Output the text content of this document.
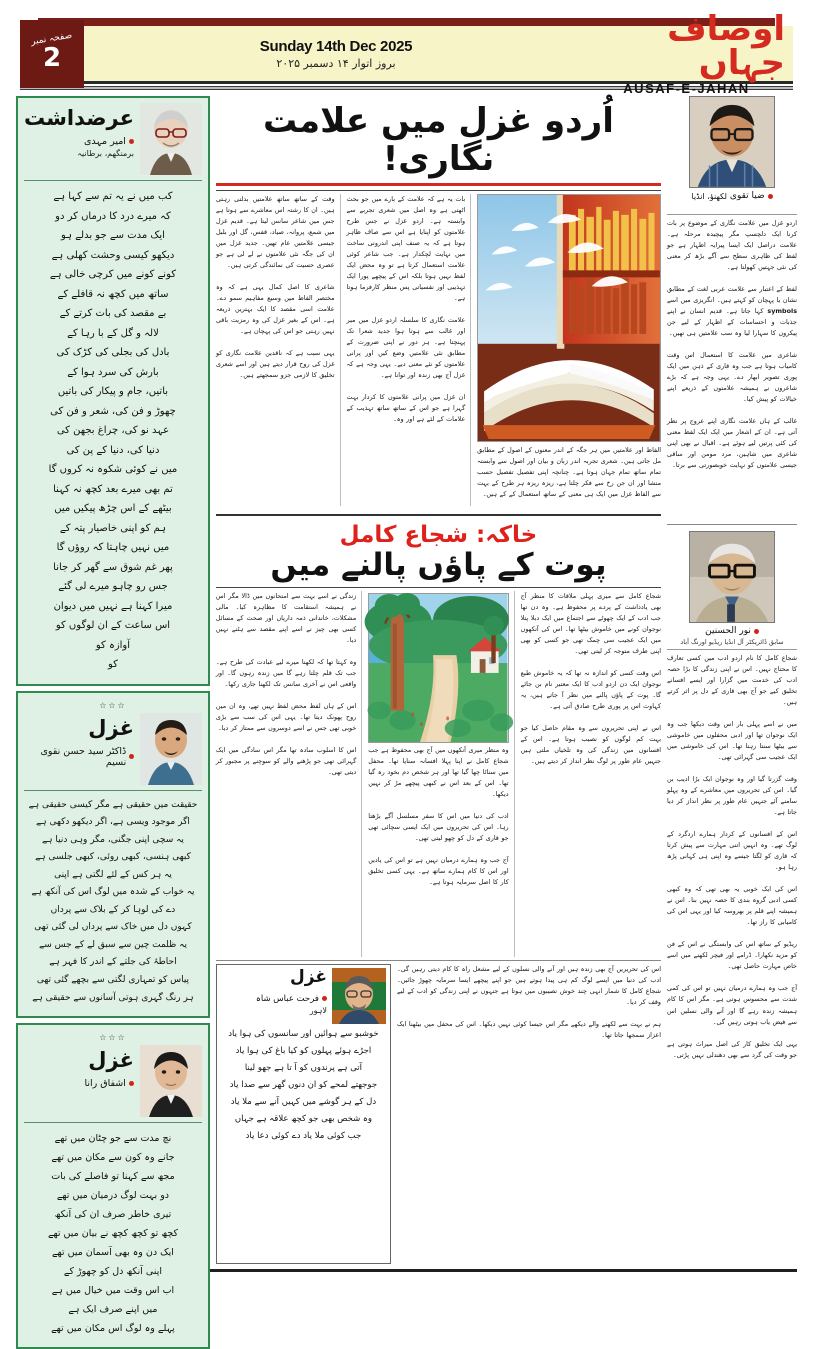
صفحہ نمبر
2	Sunday 14th Dec 2025
بروز اتوار ۱۴ دسمبر ۲۰۲۵
اوصاف جہاں
AUSAF-E-JAHAN
عرضداشت
امیر مہدی
برمنگھم، برطانیہ
کب میں نے یہ تم سے کہا ہے
کہ میرے درد کا درماں کر دو
ایک مدت سے جو بدلے ہو
دیکھو کیسی وحشت کھلی ہے
کونے کونے میں کرچی خالی ہے
ساتھ میں کچھ نہ قافلے کے
بے مقصد کی بات کرتے کے
لالہ و گل کے با رہا کے
بادل کی بجلی کی کڑک کی
بارش کی سرد ہوا کے
باتیں، جام و پیکار کی باتیں
چھوڑ و فن کی، شعر و فن کی
عہد نو کی، چراغ بجھن کی
دنیا کی، دنیا کے پن کی
میں نے کوئی شکوہ نہ کروں گا
تم بھی میرے بعد کچھ نہ کہنا
بیٹھے کے اس چڑھ پیکیں میں
ہم کو اپنی خاصیار پتہ کے
میں نہیں چاہتا کہ روؤں گا
پھر غم شوق سے گھر کر جانا
جس رو چاہو میرے لی گئے
میرا کہنا ہے نہیں میں دیوان
اس ساعت کے ان لوگوں کو
آوازہ کو
کو
☆☆☆
غزل
ڈاکٹر سید حسن نقوی نسیم
حقیقت میں حقیقی ہے مگر کیسی حقیقی ہے
اگر موجود ویسی ہے، اگر دیکھو دکھی ہے
یہ سچی اپنی جگنی، مگر وہی دنیا ہے
کبھی ہنسی، کبھی روئی، کبھی جلسی ہے
یہ ہر کس کے لئے لگتی ہے اپنی
یہ خواب کے شدہ میں لوگ اس کی آنکھ ہے
دے کی لوہا کر کے بلاک سے پرداں
کہوں دل میں خاک سے پرداں لی گئی تھی
یہ ظلمت چین سے سبق لے کے جس سے
احاطۂ کی جلتے کے اندر کا فہر ہے
پیاس کو تمہاری لگتی سے بچھے گئی تھی
ہر رنگ گہری ہوتی آسانوں سے حقیقی ہے
☆☆☆
غزل
اشفاق رانا
نچ مدت سے جو چٹان میں تھے
جانے وہ کون سے مکان میں تھے
مجھ سے کہنا تو فاصلے کی بات
دو بہت لوگ درمیان میں تھے
تیری خاطر صرف ان کی آنکھ
کچھ تو کچھ کچھ نے بیان میں تھے
ایک دن وہ بھی آسمان میں تھے
اپنی آنکھ دل کو چھوڑ کے
اب اس وقت میں خیال میں ہے
میں اپنے صرف ایک ہے
پہلے وہ لوگ اس مکان میں تھے
اُردو غزل میں علامت نگاری!
الفاظ اور علامتیں میں ہر جگہ کے اندر معنوں کے اصول کے مطابق مل جاتی ہیں۔ شعری تجربہ اندر زبان و بیان اور اصول سے وابستہ تمام ساتھ تمام جہان ہوتا ہے۔ چنانچہ اپنی تفصیل تفصیل حسب منشا اور ان جن رخ سے فکر چلتا ہے، ریزہ ریزہ ہر طرح کے بہت سے الفاظ غزل میں ایک ہی معنی کے ساتھ استعمال کے کے ہیں۔
بات یہ ہے کہ علامت کے بارے میں جو بحث اٹھتی ہے وہ اصل میں شعری تجربے سے وابستہ ہے۔ اردو غزل نے جس طرح علامتوں کو اپنایا ہے اس سے صاف ظاہر ہوتا ہے کہ یہ صنف اپنی اندرونی ساخت میں نہایت لچکدار ہے۔ جب شاعر کوئی علامت استعمال کرتا ہے تو وہ محض ایک لفظ نہیں ہوتا بلکہ اس کے پیچھے پورا ایک تہذیبی اور نفسیاتی پس منظر کارفرما ہوتا ہے۔

علامت نگاری کا سلسلہ اردو غزل میں میر اور غالب سے ہوتا ہوا جدید شعرا تک پہنچتا ہے۔ ہر دور نے اپنی ضرورت کے مطابق نئی علامتیں وضع کیں اور پرانی علامتوں کو نئے معنی دیے۔ یہی وجہ ہے کہ غزل آج بھی زندہ اور توانا ہے۔

ان غزل میں پرانی علامتوں کا کردار بہت گہرا ہے جو اس کے ساتھ ساتھ تہذیب کے علامات کے لئے ہے اور وہ۔
وقت کے ساتھ ساتھ علامتیں بدلتی رہتی ہیں۔ ان کا رشتہ اس معاشرے سے ہوتا ہے جس میں شاعر سانس لیتا ہے۔ قدیم غزل میں شمع، پروانہ، صیاد، قفس، گل اور بلبل جیسی علامتیں عام تھیں۔ جدید غزل میں ان کی جگہ نئی علامتوں نے لے لی ہے جو عصری حسیت کی نمائندگی کرتی ہیں۔

شاعری کا اصل کمال یہی ہے کہ وہ مختصر الفاظ میں وسیع مفاہیم سمو دے۔ علامت اسی مقصد کا ایک بہترین ذریعہ ہے۔ اس کے بغیر غزل کی وہ رمزیت باقی نہیں رہتی جو اس کی پہچان ہے۔

یہی سبب ہے کہ ناقدین علامت نگاری کو غزل کی روح قرار دیتے ہیں اور اسے شعری تخلیق کا لازمی جزو سمجھتے ہیں۔
خاکہ: شجاع کامل
پوت کے پاؤں پالنے میں
شجاع کامل سے میری پہلی ملاقات کا منظر آج بھی یادداشت کے پردے پر محفوظ ہے۔ وہ دن تھا جب ادب کے ایک چھوٹے سے اجتماع میں ایک دبلا پتلا نوجوان کونے میں خاموش بیٹھا تھا۔ اس کی آنکھوں میں ایک عجیب سی چمک تھی جو کسی کو بھی اپنی طرف متوجہ کر لیتی تھی۔

اس وقت کسی کو اندازہ نہ تھا کہ یہ خاموش طبع نوجوان ایک دن اردو ادب کا ایک معتبر نام بن جائے گا۔ پوت کے پاؤں پالنے میں نظر آ جاتے ہیں، یہ کہاوت اس پر پوری طرح صادق آتی ہے۔

اس نے اپنی تحریروں سے وہ مقام حاصل کیا جو بہت کم لوگوں کو نصیب ہوتا ہے۔ اس کے افسانوں میں زندگی کی وہ تلخیاں ملتی ہیں جنہیں عام طور پر لوگ نظر انداز کر دیتے ہیں۔
وہ منظر میری آنکھوں میں آج بھی محفوظ ہے جب شجاع کامل نے اپنا پہلا افسانہ سنایا تھا۔ محفل میں سناٹا چھا گیا تھا اور ہر شخص دم بخود رہ گیا تھا۔ اس کے بعد اس نے کبھی پیچھے مڑ کر نہیں دیکھا۔

ادب کی دنیا میں اس کا سفر مسلسل آگے بڑھتا رہا۔ اس کی تحریروں میں ایک ایسی سچائی تھی جو قاری کے دل کو چھو لیتی تھی۔

آج جب وہ ہمارے درمیان نہیں ہے تو اس کی یادیں اور اس کا کام ہمارے ساتھ ہے۔ یہی کسی تخلیق کار کا اصل سرمایہ ہوتا ہے۔
زندگی نے اسے بہت سے امتحانوں میں ڈالا مگر اس نے ہمیشہ استقامت کا مظاہرہ کیا۔ مالی مشکلات، خاندانی ذمہ داریاں اور صحت کے مسائل کسی بھی چیز نے اسے اپنے مقصد سے ہٹنے نہیں دیا۔

وہ کہتا تھا کہ لکھنا میرے لیے عبادت کی طرح ہے۔ جب تک قلم چلتا رہے گا میں زندہ رہوں گا۔ اور واقعی اس نے آخری سانس تک لکھنا جاری رکھا۔

اس کے ہاں لفظ محض لفظ نہیں تھے، وہ ان میں روح پھونک دیتا تھا۔ یہی اس کی سب سے بڑی خوبی تھی جس نے اسے دوسروں سے ممتاز کر دیا۔

اس کا اسلوب سادہ تھا مگر اس سادگی میں ایک گہرائی تھی جو پڑھنے والے کو سوچنے پر مجبور کر دیتی تھی۔
اس کی تحریریں آج بھی زندہ ہیں اور آنے والی نسلوں کے لیے مشعل راہ کا کام دیتی رہیں گی۔ ادب کی دنیا میں ایسے لوگ کم ہی پیدا ہوتے ہیں جو اپنے پیچھے ایسا سرمایہ چھوڑ جائیں۔ شجاع کامل کا شمار انہی چند خوش نصیبوں میں ہوتا ہے جنہوں نے اپنی زندگی کو ادب کے لیے وقف کر دیا۔

ہم نے بہت سے لکھنے والے دیکھے مگر اس جیسا کوئی نہیں دیکھا۔ اس کی محفل میں بیٹھنا ایک اعزاز سمجھا جاتا تھا۔
غزل
فرحت عباس شاہ
لاہور
خوشبو سے ہوائیں اور سانسوں کی ہوا یاد
اجڑے ہوئے پہلوں کو کیا باغ کی ہوا یاد
آتی ہے پرندوں کو آ تا ہے جھو لینا
جوجھتے لمحے کو ان دنوں گھر سے صدا یاد
دل کے ہر گوشے میں کہیں آنے سے ملا یاد
وہ شخص بھی جو کچھ علاقہ ہے جہاں
جب کوئی ملا یاد دے کوئی دعا یاد
ضیا تقوی
لکھنؤ، انڈیا

اردو غزل میں علامت نگاری کے موضوع پر بات کرنا ایک دلچسپ مگر پیچیدہ مرحلہ ہے۔ علامت دراصل ایک ایسا پیرایہ اظہار ہے جو لفظ کی ظاہری سطح سے آگے بڑھ کر معنی کی نئی جہتیں کھولتا ہے۔

لفظ کے اعتبار سے علامت عربی لغت کے مطابق نشان یا پہچان کو کہتے ہیں۔ انگریزی میں اسے symbols کہا جاتا ہے۔ قدیم انسان نے اپنے جذبات و احساسات کے اظہار کے لیے جن پیکروں کا سہارا لیا وہ سب علامتیں ہی تھیں۔

شاعری میں علامت کا استعمال اس وقت کامیاب ہوتا ہے جب وہ قاری کے ذہن میں ایک پوری تصویر ابھار دے۔ یہی وجہ ہے کہ بڑے شاعروں نے ہمیشہ علامتوں کے ذریعے اپنے خیالات کو پیش کیا۔

غالب کے ہاں علامت نگاری اپنے عروج پر نظر آتی ہے۔ ان کے اشعار میں ایک ایک لفظ معنی کی کئی پرتیں لیے ہوئے ہے۔ اقبال نے بھی اپنی شاعری میں شاہین، مرد مومن اور ساقی جیسی علامتوں کو نہایت خوبصورتی سے برتا۔
نور الحسنین
سابق ڈائریکٹر آل انڈیا ریڈیو اورنگ آباد
شجاع کامل کا نام اردو ادب میں کسی تعارف کا محتاج نہیں۔ اس نے اپنی زندگی کا بڑا حصہ ادب کی خدمت میں گزارا اور ایسے افسانے تخلیق کیے جو آج بھی قاری کے دل پر اثر کرتے ہیں۔

میں نے اسے پہلی بار اس وقت دیکھا جب وہ ایک نوجوان تھا اور ادبی محفلوں میں خاموشی سے بیٹھا سنتا رہتا تھا۔ اس کی خاموشی میں ایک عجیب سی گہرائی تھی۔

وقت گزرتا گیا اور وہ نوجوان ایک بڑا ادیب بن گیا۔ اس کی تحریروں میں معاشرے کے وہ پہلو سامنے آئے جنہیں عام طور پر نظر انداز کر دیا جاتا ہے۔

اس کے افسانوں کے کردار ہمارے اردگرد کے لوگ تھے۔ وہ انہیں اتنی مہارت سے پیش کرتا کہ قاری کو لگتا جیسے وہ اپنی ہی کہانی پڑھ رہا ہو۔

اس کی ایک خوبی یہ بھی تھی کہ وہ کبھی کسی ادبی گروہ بندی کا حصہ نہیں بنا۔ اس نے ہمیشہ اپنے قلم پر بھروسہ کیا اور یہی اس کی کامیابی کا راز تھا۔

ریڈیو کے ساتھ اس کی وابستگی نے اس کے فن کو مزید نکھارا۔ ڈرامے اور فیچر لکھنے میں اسے خاص مہارت حاصل تھی۔

آج جب وہ ہمارے درمیان نہیں تو اس کی کمی شدت سے محسوس ہوتی ہے۔ مگر اس کا کام ہمیشہ زندہ رہے گا اور آنے والی نسلیں اس سے فیض یاب ہوتی رہیں گی۔

یہی ایک تخلیق کار کی اصل میراث ہوتی ہے جو وقت کی گرد سے بھی دھندلی نہیں پڑتی۔
